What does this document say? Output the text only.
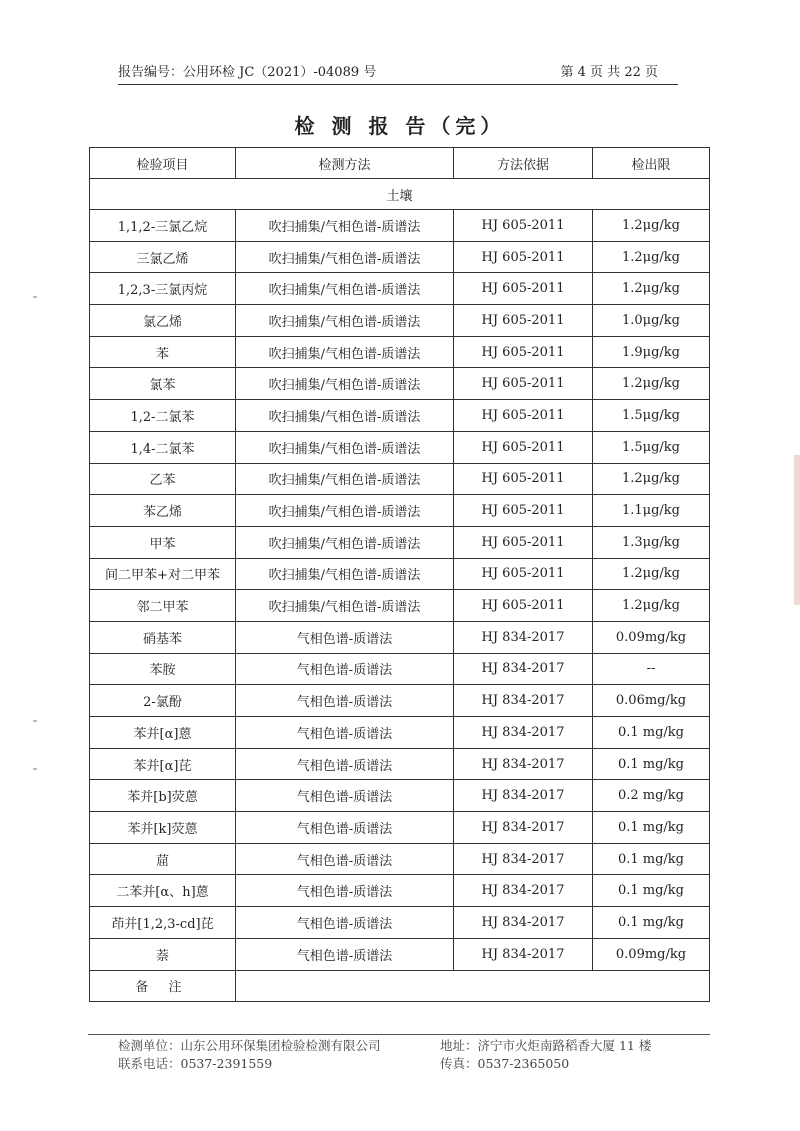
报告编号：公用环检 JC（2021）-04089 号	第 4 页 共 22 页
检 测 报 告（完）
检验项目	检测方法	方法依据	检出限
土壤			
1,1,2-三氯乙烷	吹扫捕集/气相色谱-质谱法	HJ 605-2011	1.2μg/kg
三氯乙烯	吹扫捕集/气相色谱-质谱法	HJ 605-2011	1.2μg/kg
1,2,3-三氯丙烷	吹扫捕集/气相色谱-质谱法	HJ 605-2011	1.2μg/kg
氯乙烯	吹扫捕集/气相色谱-质谱法	HJ 605-2011	1.0μg/kg
苯	吹扫捕集/气相色谱-质谱法	HJ 605-2011	1.9μg/kg
氯苯	吹扫捕集/气相色谱-质谱法	HJ 605-2011	1.2μg/kg
1,2-二氯苯	吹扫捕集/气相色谱-质谱法	HJ 605-2011	1.5μg/kg
1,4-二氯苯	吹扫捕集/气相色谱-质谱法	HJ 605-2011	1.5μg/kg
乙苯	吹扫捕集/气相色谱-质谱法	HJ 605-2011	1.2μg/kg
苯乙烯	吹扫捕集/气相色谱-质谱法	HJ 605-2011	1.1μg/kg
甲苯	吹扫捕集/气相色谱-质谱法	HJ 605-2011	1.3μg/kg
间二甲苯+对二甲苯	吹扫捕集/气相色谱-质谱法	HJ 605-2011	1.2μg/kg
邻二甲苯	吹扫捕集/气相色谱-质谱法	HJ 605-2011	1.2μg/kg
硝基苯	气相色谱-质谱法	HJ 834-2017	0.09mg/kg
苯胺	气相色谱-质谱法	HJ 834-2017	--
2-氯酚	气相色谱-质谱法	HJ 834-2017	0.06mg/kg
苯并[α]蒽	气相色谱-质谱法	HJ 834-2017	0.1 mg/kg
苯并[α]芘	气相色谱-质谱法	HJ 834-2017	0.1 mg/kg
苯并[b]荧蒽	气相色谱-质谱法	HJ 834-2017	0.2 mg/kg
苯并[k]荧蒽	气相色谱-质谱法	HJ 834-2017	0.1 mg/kg
䓛	气相色谱-质谱法	HJ 834-2017	0.1 mg/kg
二苯并[α、h]蒽	气相色谱-质谱法	HJ 834-2017	0.1 mg/kg
茚并[1,2,3-cd]芘	气相色谱-质谱法	HJ 834-2017	0.1 mg/kg
萘	气相色谱-质谱法	HJ 834-2017	0.09mg/kg
备 注			
检测单位：山东公用环保集团检验检测有限公司
联系电话：0537-2391559
地址：济宁市火炬南路稻香大厦 11 楼
传真：0537-2365050
